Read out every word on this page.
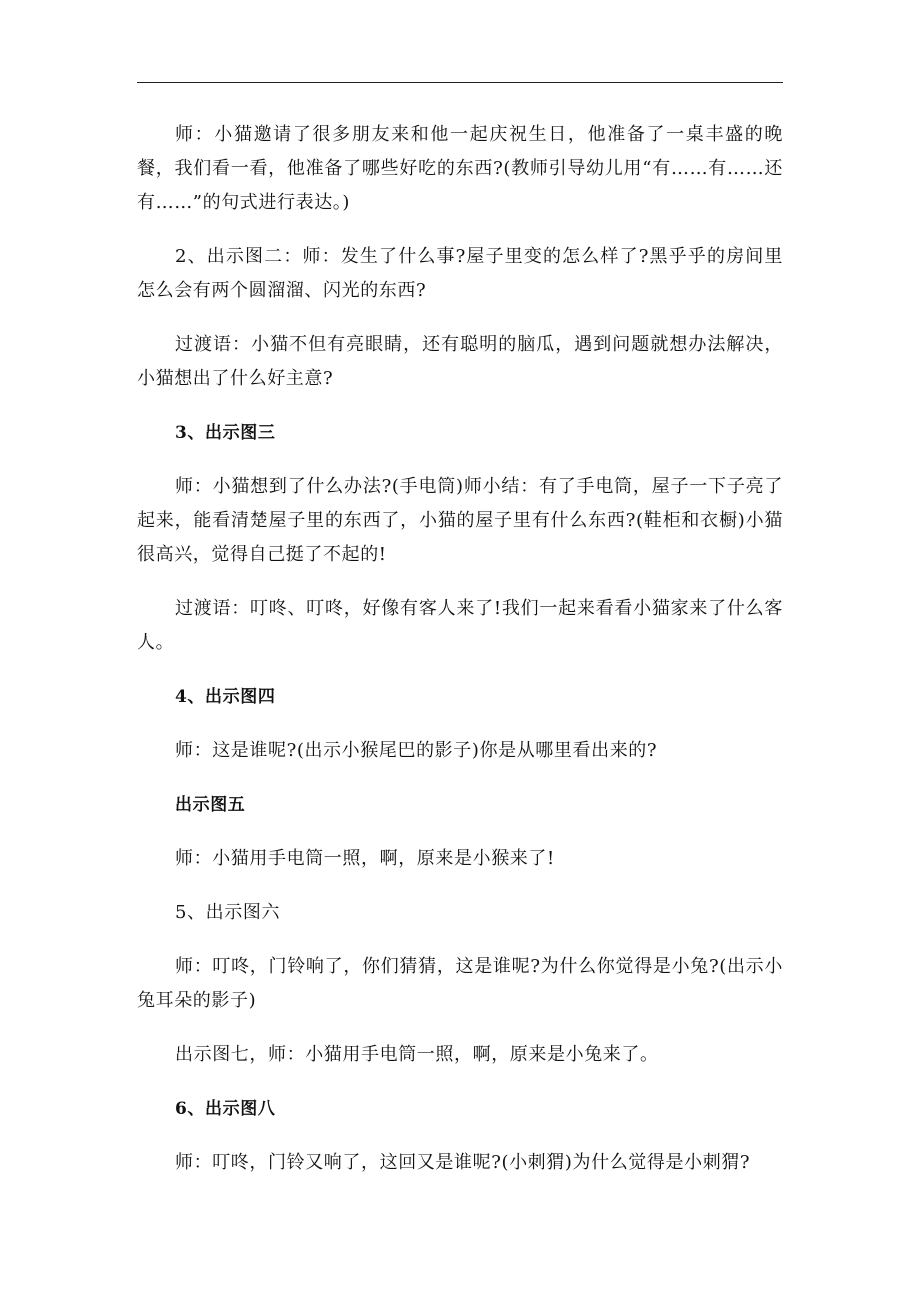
师：小猫邀请了很多朋友来和他一起庆祝生日，他准备了一桌丰盛的晚餐，我们看一看，他准备了哪些好吃的东西?(教师引导幼儿用“有……有……还有……”的句式进行表达。)

2、出示图二：师：发生了什么事?屋子里变的怎么样了?黑乎乎的房间里怎么会有两个圆溜溜、闪光的东西?

过渡语：小猫不但有亮眼睛，还有聪明的脑瓜，遇到问题就想办法解决，小猫想出了什么好主意?

3、出示图三

师：小猫想到了什么办法?(手电筒)师小结：有了手电筒，屋子一下子亮了起来，能看清楚屋子里的东西了，小猫的屋子里有什么东西?(鞋柜和衣橱)小猫很高兴，觉得自己挺了不起的!

过渡语：叮咚、叮咚，好像有客人来了!我们一起来看看小猫家来了什么客人。

4、出示图四

师：这是谁呢?(出示小猴尾巴的影子)你是从哪里看出来的?

出示图五

师：小猫用手电筒一照，啊，原来是小猴来了!

5、出示图六

师：叮咚，门铃响了，你们猜猜，这是谁呢?为什么你觉得是小兔?(出示小兔耳朵的影子)

出示图七，师：小猫用手电筒一照，啊，原来是小兔来了。

6、出示图八

师：叮咚，门铃又响了，这回又是谁呢?(小刺猬)为什么觉得是小刺猬?
